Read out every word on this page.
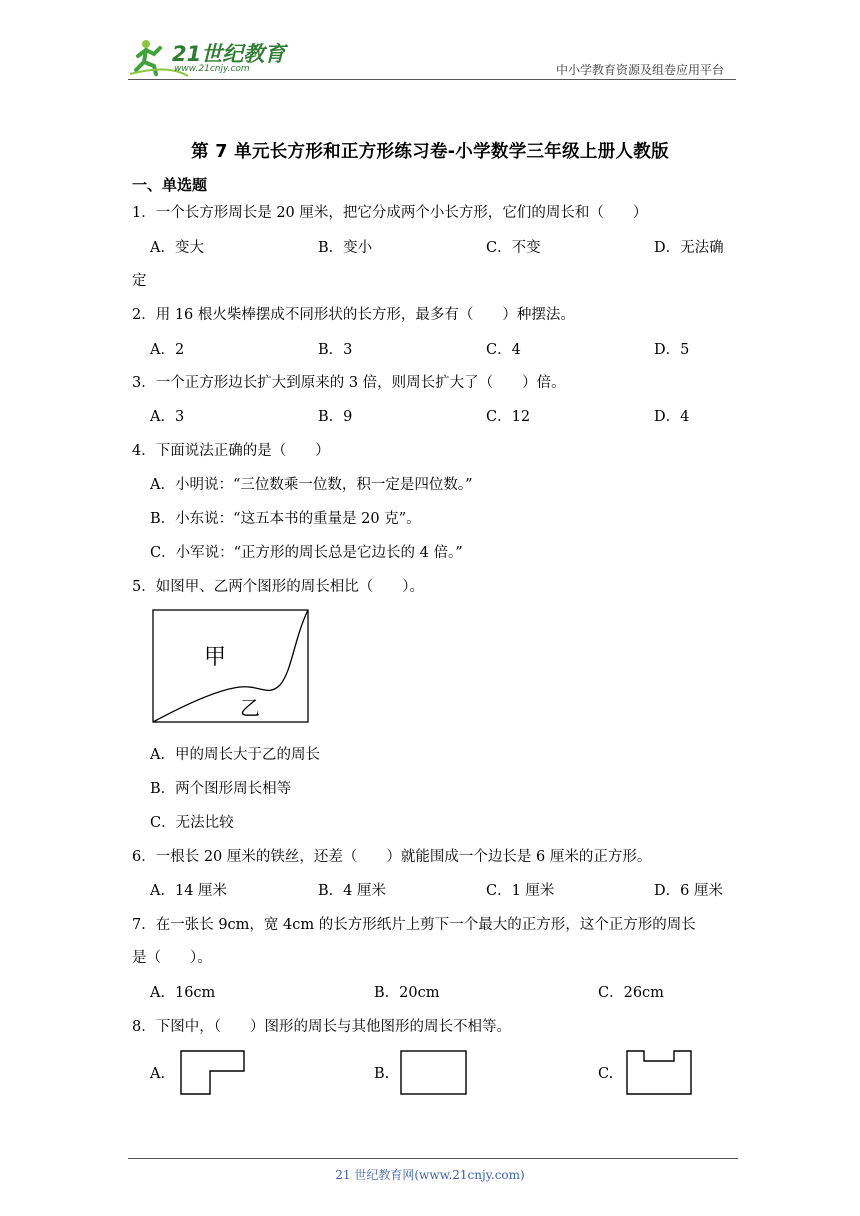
21世纪教育
www.21cnjy.com	中小学教育资源及组卷应用平台
第 7 单元长方形和正方形练习卷-小学数学三年级上册人教版
一、单选题
1．一个长方形周长是 20 厘米，把它分成两个小长方形，它们的周长和（　　）
A．变大	B．变小	C．不变	D．无法确
定
2．用 16 根火柴棒摆成不同形状的长方形，最多有（　　）种摆法。
A．2	B．3	C．4	D．5
3．一个正方形边长扩大到原来的 3 倍，则周长扩大了（　　）倍。
A．3	B．9	C．12	D．4
4．下面说法正确的是（　　）
A．小明说：“三位数乘一位数，积一定是四位数。”
B．小东说：“这五本书的重量是 20 克”。
C．小军说：“正方形的周长总是它边长的 4 倍。”
5．如图甲、乙两个图形的周长相比（　　）。
甲
乙
A．甲的周长大于乙的周长
B．两个图形周长相等
C．无法比较
6．一根长 20 厘米的铁丝，还差（　　）就能围成一个边长是 6 厘米的正方形。
A．14 厘米	B．4 厘米	C．1 厘米	D．6 厘米
7．在一张长 9cm，宽 4cm 的长方形纸片上剪下一个最大的正方形，这个正方形的周长
是（　　）。
A．16cm	B．20cm	C．26cm
8．下图中，（　　）图形的周长与其他图形的周长不相等。
A.	B.	C.
21 世纪教育网(www.21cnjy.com)
